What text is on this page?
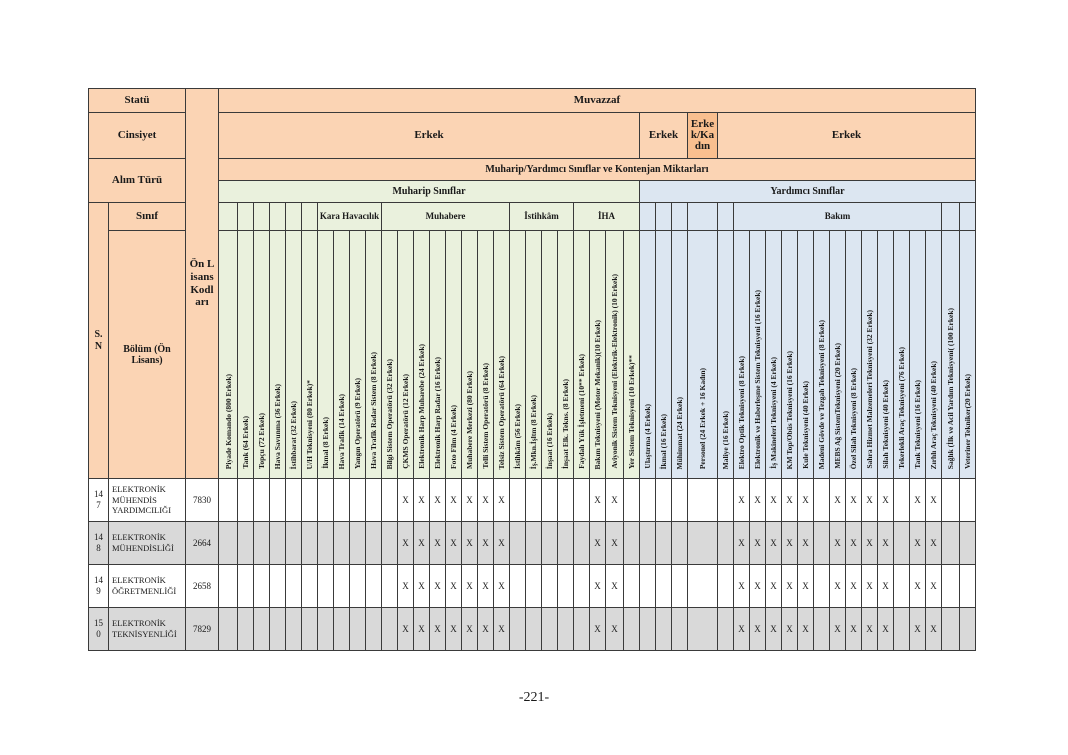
Statü		Ön Lisans Kodları	Muvazzaf																																													
Cinsiyet			Erkek																										Erkek			Erkek/Kadın	Erkek															
Alım Türü			Muharip/Yardımcı Sınıflar ve Kontenjan Miktarları																																													
			Muharip Sınıflar																										Yardımcı Sınıflar																			
S. N	Sınıf								Kara Havacılık				Muhabere								İstihkâm				İHA									Bakım														
	Bölüm (Ön Lisans)		Piyade Komando (800 Erkek)	Tank (64 Erkek)	Topçu (72 Erkek)	Hava Savunma (36 Erkek)	İstihbarat (32 Erkek)	U/H Teknisyeni (80 Erkek)*	İkmal (8 Erkek)	Hava Trafik (14 Erkek)	Yangın Operatörü (9 Erkek)	Hava Trafik Radar Sistem (8 Erkek)	Bilgi Sistem Operatörü (32 Erkek)	ÇKMS Operatörü (12 Erkek)	Elektronik Harp Muharebe (24 Erkek)	Elektronik Harp Radar (16 Erkek)	Foto Film (4 Erkek)	Muhabere Merkezi (80 Erkek)	Telli Sistem Operatörü (8 Erkek)	Telsiz Sistem Operatörü (64 Erkek)	İstihkâm (56 Erkek)	İş.Mkn.İşltm (8 Erkek)	İnşaat (16 Erkek)	İnşaat Elk. Tekns. (8 Erkek)	Faydalı Yük İşletmeni (10** Erkek)	Bakım Teknisyeni (Motor Mekanik)(10 Erkek)	Aviyonik Sistem Teknisyeni (Elektrik-Elektronik) (10 Erkek)	Yer Sistem Teknisyeni (10 Erkek)**	Ulaştırma (4 Erkek)	İkmal (16 Erkek)	Mühimmat (24 Erkek)	Personel (24 Erkek + 16 Kadın)	Maliye (16 Erkek)	Elektro Optik Teknisyeni (8 Erkek)	Elektronik ve Haberleşme Sistem Teknisyeni (16 Erkek)	İş Makineleri Teknisyeni (4 Erkek)	KM Top/Obüs Teknisyeni (16 Erkek)	Kule Teknisyeni (40 Erkek)	Madeni Gövde ve Tezgah Teknisyeni (8 Erkek)	MEBS Ağ SistemTeknisyeni (20 Erkek)	Özel Silah Teknisyeni (8 Erkek)	Sahra Hizmet Malzemeleri Teknisyeni (32 Erkek)	Silah Teknisyeni (40 Erkek)	Tekerlekli Araç Teknisyeni (76 Erkek)	Tank Teknisyeni (16 Erkek)	Zırhlı Araç Teknisyeni (40 Erkek)	Sağlık (İlk ve Acil Yardım Teknisyeni( (100 Erkek)	Veteriner Tekniker(20 Erkek)
147	ELEKTRONİK MÜHENDİS YARDIMCILIĞI	7830												X	X	X	X	X	X	X						X	X							X	X	X	X	X		X	X	X	X		X	X		
148	ELEKTRONİK MÜHENDİSLİĞİ	2664												X	X	X	X	X	X	X						X	X							X	X	X	X	X		X	X	X	X		X	X		
149	ELEKTRONİK ÖĞRETMENLİĞİ	2658												X	X	X	X	X	X	X						X	X							X	X	X	X	X		X	X	X	X		X	X		
150	ELEKTRONİK TEKNİSYENLİĞİ	7829												X	X	X	X	X	X	X						X	X							X	X	X	X	X		X	X	X	X		X	X		
-221-
